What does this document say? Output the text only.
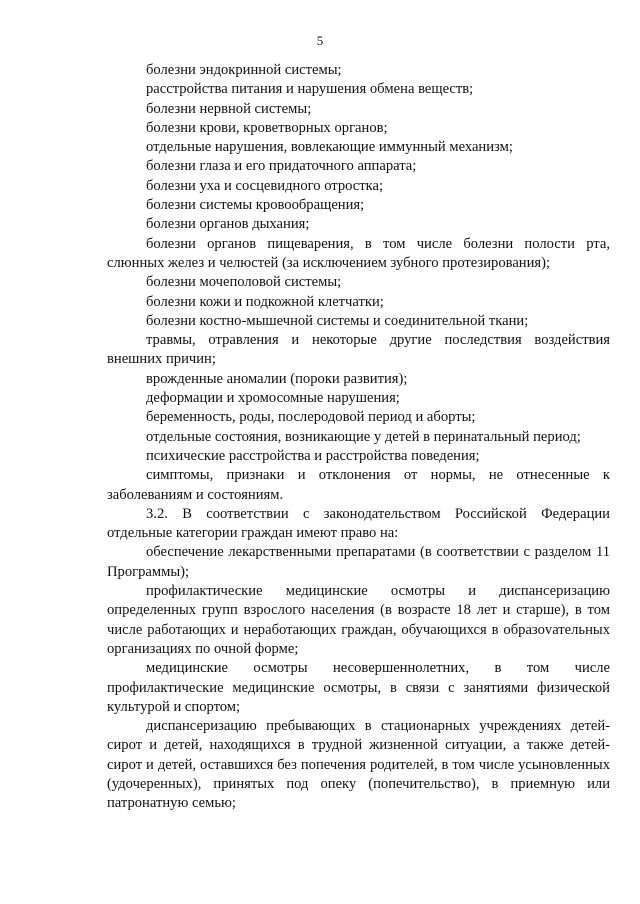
5

болезни эндокринной системы;

расстройства питания и нарушения обмена веществ;

болезни нервной системы;

болезни крови, кроветворных органов;

отдельные нарушения, вовлекающие иммунный механизм;

болезни глаза и его придаточного аппарата;

болезни уха и сосцевидного отростка;

болезни системы кровообращения;

болезни органов дыхания;

болезни органов пищеварения, в том числе болезни полости рта, слюнных желез и челюстей (за исключением зубного протезирования);

болезни мочеполовой системы;

болезни кожи и подкожной клетчатки;

болезни костно-мышечной системы и соединительной ткани;

травмы, отравления и некоторые другие последствия воздействия внешних причин;

врожденные аномалии (пороки развития);

деформации и хромосомные нарушения;

беременность, роды, послеродовой период и аборты;

отдельные состояния, возникающие у детей в перинатальный период;

психические расстройства и расстройства поведения;

симптомы, признаки и отклонения от нормы, не отнесенные к заболеваниям и состояниям.

3.2. В соответствии с законодательством Российской Федерации отдельные категории граждан имеют право на:

обеспечение лекарственными препаратами (в соответствии с разделом 11 Программы);

профилактические медицинские осмотры и диспансеризацию определенных групп взрослого населения (в возрасте 18 лет и старше), в том числе работающих и неработающих граждан, обучающихся в образоvательных организациях по очной форме;

медицинские осмотры несовершеннолетних, в том числе профилактические медицинские осмотры, в связи с занятиями физической культурой и спортом;

диспансеризацию пребывающих в стационарных учреждениях детей-сирот и детей, находящихся в трудной жизненной ситуации, а также детей-сирот и детей, оставшихся без попечения родителей, в том числе усыновленных (удочеренных), принятых под опеку (попечительство), в приемную или патронатную семью;
